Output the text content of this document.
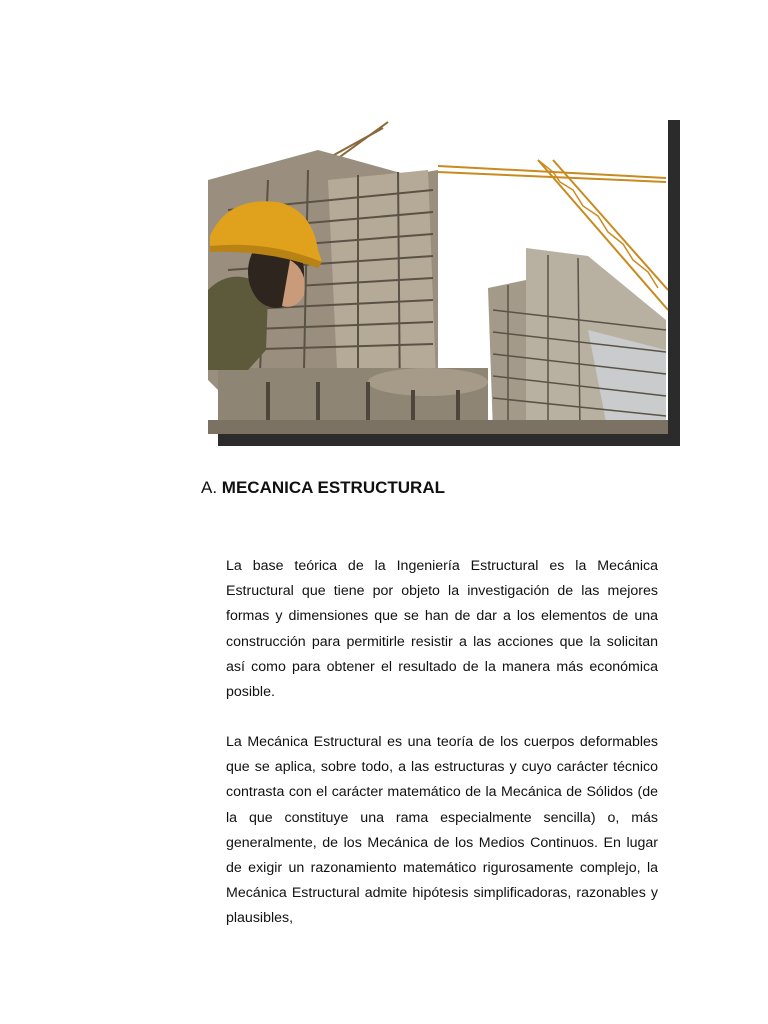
A. MECANICA ESTRUCTURAL

La base teórica de la Ingeniería Estructural es la Mecánica Estructural que tiene por objeto la investigación de las mejores formas y dimensiones que se han de dar a los elementos de una construcción para permitirle resistir a las acciones que la solicitan así como para obtener el resultado de la manera más económica posible.

La Mecánica Estructural es una teoría de los cuerpos deformables que se aplica, sobre todo, a las estructuras y cuyo carácter técnico contrasta con el carácter matemático de la Mecánica de Sólidos (de la que constituye una rama especialmente sencilla) o, más generalmente, de los Mecánica de los Medios Continuos. En lugar de exigir un razonamiento matemático rigurosamente complejo, la Mecánica Estructural admite hipótesis simplificadoras, razonables y plausibles,
